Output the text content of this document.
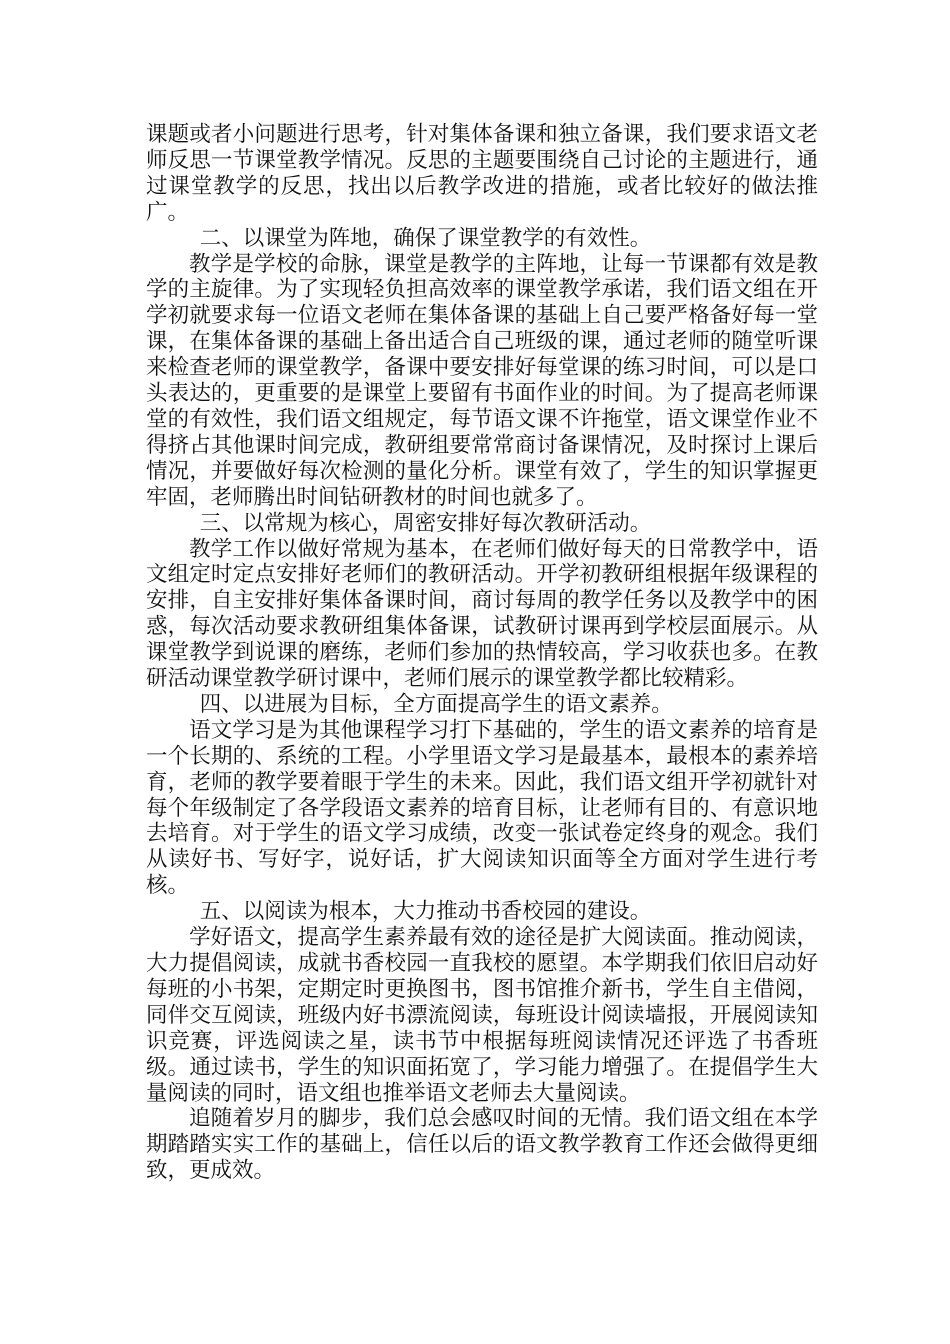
课题或者小问题进行思考，针对集体备课和独立备课，我们要求语文老师反思一节课堂教学情况。反思的主题要围绕自己讨论的主题进行，通过课堂教学的反思，找出以后教学改进的措施，或者比较好的做法推广。

二、以课堂为阵地，确保了课堂教学的有效性。

教学是学校的命脉，课堂是教学的主阵地，让每一节课都有效是教学的主旋律。为了实现轻负担高效率的课堂教学承诺，我们语文组在开学初就要求每一位语文老师在集体备课的基础上自己要严格备好每一堂课，在集体备课的基础上备出适合自己班级的课，通过老师的随堂听课来检查老师的课堂教学，备课中要安排好每堂课的练习时间，可以是口头表达的，更重要的是课堂上要留有书面作业的时间。为了提高老师课堂的有效性，我们语文组规定，每节语文课不许拖堂，语文课堂作业不得挤占其他课时间完成，教研组要常常商讨备课情况，及时探讨上课后情况，并要做好每次检测的量化分析。课堂有效了，学生的知识掌握更牢固，老师腾出时间钻研教材的时间也就多了。

三、以常规为核心，周密安排好每次教研活动。

教学工作以做好常规为基本，在老师们做好每天的日常教学中，语文组定时定点安排好老师们的教研活动。开学初教研组根据年级课程的安排，自主安排好集体备课时间，商讨每周的教学任务以及教学中的困惑，每次活动要求教研组集体备课，试教研讨课再到学校层面展示。从课堂教学到说课的磨练，老师们参加的热情较高，学习收获也多。在教研活动课堂教学研讨课中，老师们展示的课堂教学都比较精彩。

四、以进展为目标，全方面提高学生的语文素养。

语文学习是为其他课程学习打下基础的，学生的语文素养的培育是一个长期的、系统的工程。小学里语文学习是最基本，最根本的素养培育，老师的教学要着眼于学生的未来。因此，我们语文组开学初就针对每个年级制定了各学段语文素养的培育目标，让老师有目的、有意识地去培育。对于学生的语文学习成绩，改变一张试卷定终身的观念。我们从读好书、写好字，说好话，扩大阅读知识面等全方面对学生进行考核。

五、以阅读为根本，大力推动书香校园的建设。

学好语文，提高学生素养最有效的途径是扩大阅读面。推动阅读，大力提倡阅读，成就书香校园一直我校的愿望。本学期我们依旧启动好每班的小书架，定期定时更换图书，图书馆推介新书，学生自主借阅，同伴交互阅读，班级内好书漂流阅读，每班设计阅读墙报，开展阅读知识竞赛，评选阅读之星，读书节中根据每班阅读情况还评选了书香班级。通过读书，学生的知识面拓宽了，学习能力增强了。在提倡学生大量阅读的同时，语文组也推举语文老师去大量阅读。

追随着岁月的脚步，我们总会感叹时间的无情。我们语文组在本学期踏踏实实工作的基础上，信任以后的语文教学教育工作还会做得更细致，更成效。
